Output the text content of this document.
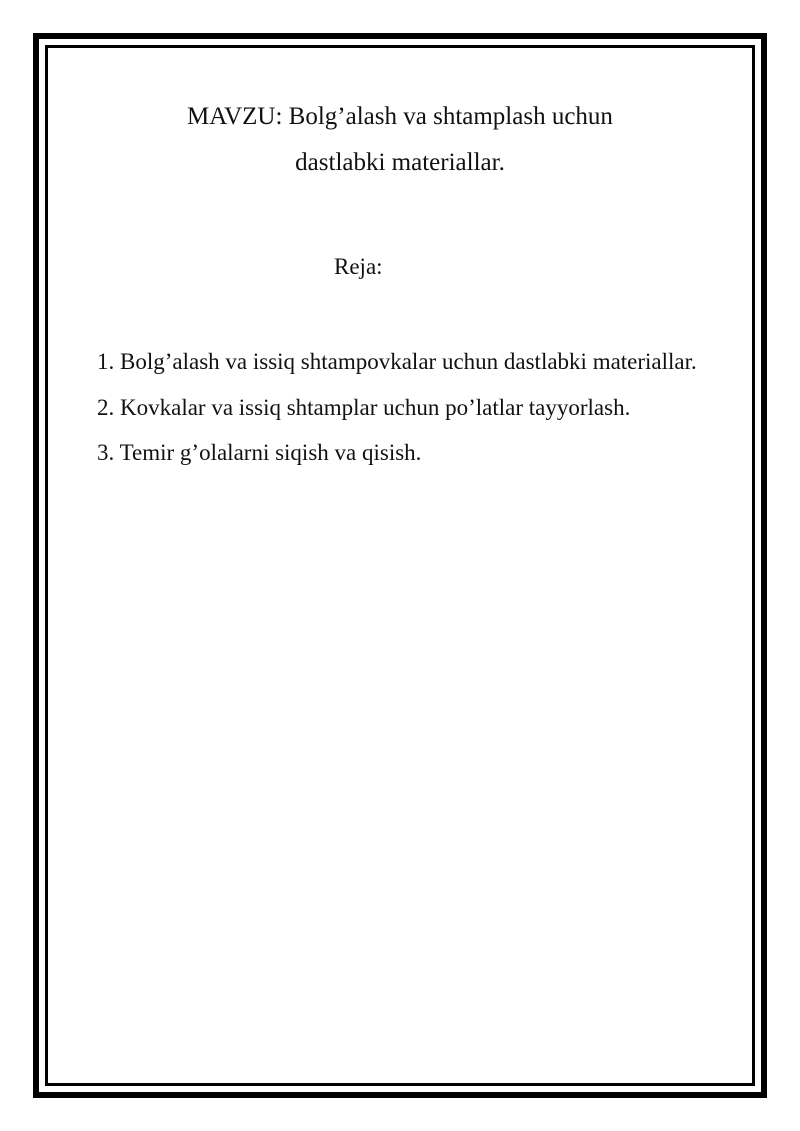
MAVZU: Bolg’alash va shtamplash uchun
dastlabki materiallar.
Reja:
1. Bolg’alash va issiq shtampovkalar uchun dastlabki materiallar.
2. Kovkalar va issiq shtamplar uchun po’latlar tayyorlash.
3. Temir g’olalarni siqish va qisish.
